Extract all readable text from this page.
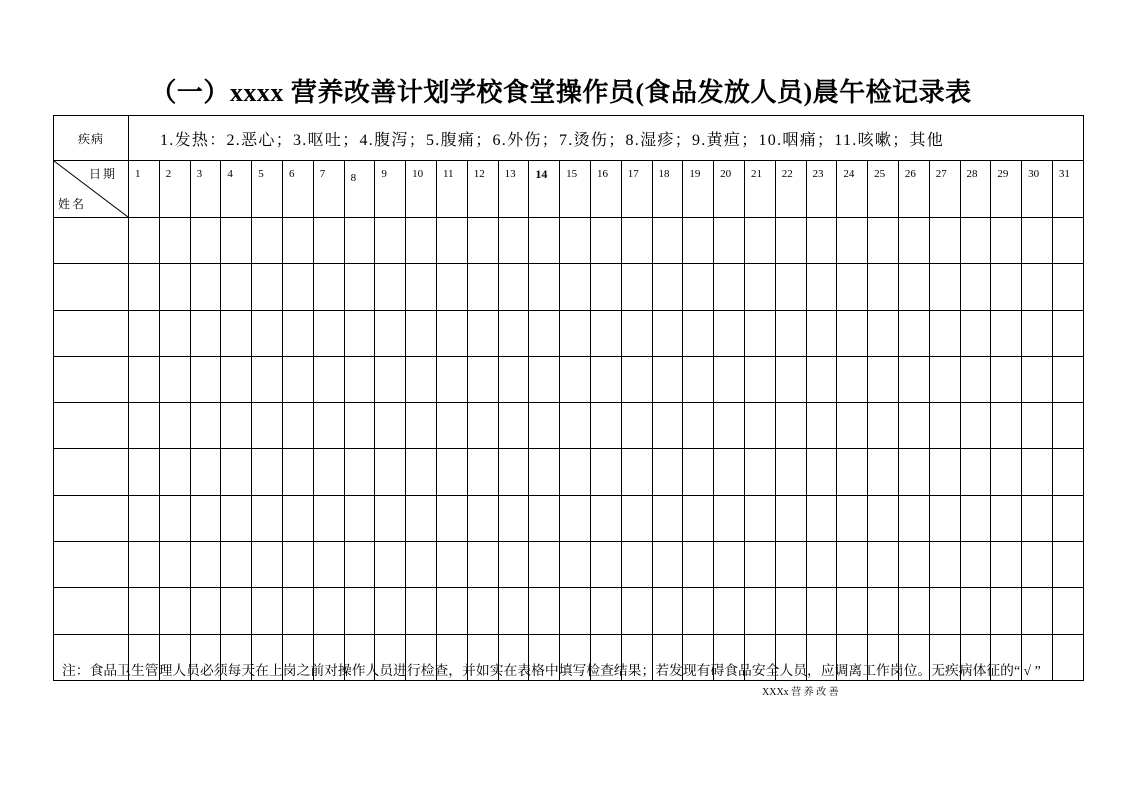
（一）xxxx 营养改善计划学校食堂操作员(食品发放人员)晨午检记录表
疾病	1.发热：2.恶心；3.呕吐；4.腹泻；5.腹痛；6.外伤；7.烫伤；8.湿疹；9.黄疸；10.咽痛；11.咳嗽；其他																														

日期
姓名	1	2	3	4	5	6	7	8	9	10	11	12	13	14	15	16	17	18	19	20	21	22	23	24	25	26	27	28	29	30	31

注：食品卫生管理人员必须每天在上岗之前对操作人员进行检查，并如实在表格中填写检查结果；若发现有碍食品安全人员，应调离工作岗位。无疾病体征的“ √ ”
XXXx 营 养 改 善
